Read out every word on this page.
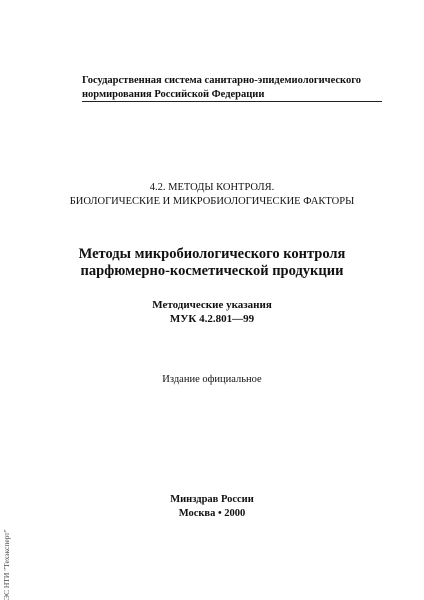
Государственная система санитарно-эпидемиологического
нормирования Российской Федерации
4.2. МЕТОДЫ КОНТРОЛЯ.
БИОЛОГИЧЕСКИЕ И МИКРОБИОЛОГИЧЕСКИЕ ФАКТОРЫ
Методы микробиологического контроля
парфюмерно-косметической продукции
Методические указания
МУК 4.2.801—99
Издание официальное
Минздрав России
Москва • 2000
ЭС НТИ "Техэксперт"
